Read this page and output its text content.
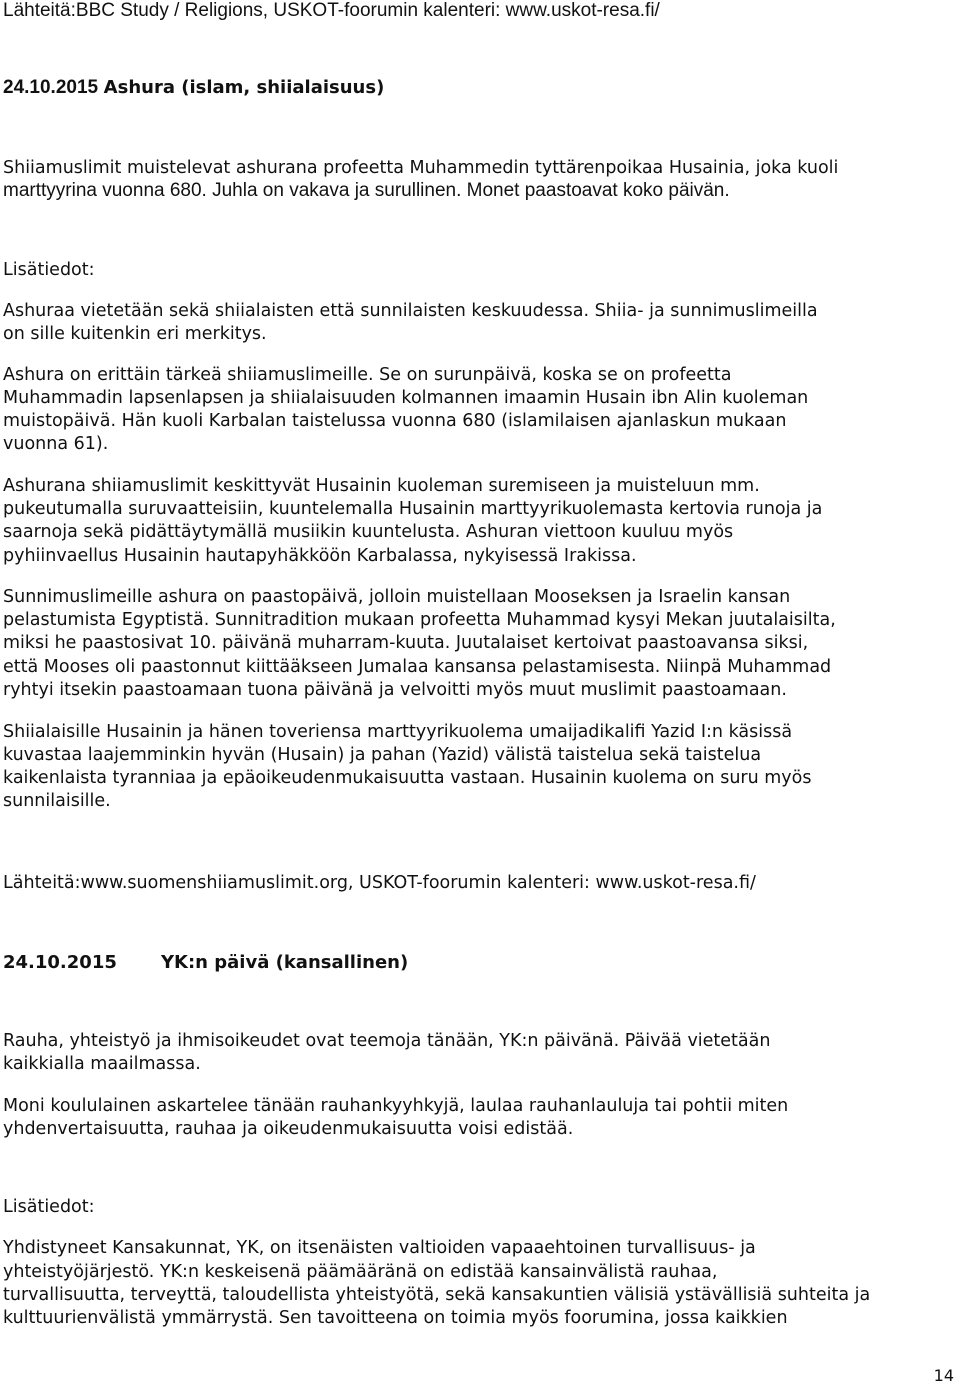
Lähteitä:BBC Study / Religions, USKOT-foorumin kalenteri: www.uskot-resa.fi/
24.10.2015 Ashura (islam, shiialaisuus)
Shiiamuslimit muistelevat ashurana profeetta Muhammedin tyttärenpoikaa Husainia, joka kuoli
marttyyrina vuonna 680. Juhla on vakava ja surullinen. Monet paastoavat koko päivän.
Lisätiedot:
Ashuraa vietetään sekä shiialaisten että sunnilaisten keskuudessa. Shiia- ja sunnimuslimeilla
on sille kuitenkin eri merkitys.
Ashura on erittäin tärkeä shiiamuslimeille. Se on surunpäivä, koska se on profeetta
Muhammadin lapsenlapsen ja shiialaisuuden kolmannen imaamin Husain ibn Alin kuoleman
muistopäivä. Hän kuoli Karbalan taistelussa vuonna 680 (islamilaisen ajanlaskun mukaan
vuonna 61).
Ashurana shiiamuslimit keskittyvät Husainin kuoleman suremiseen ja muisteluun mm.
pukeutumalla suruvaatteisiin, kuuntelemalla Husainin marttyyrikuolemasta kertovia runoja ja
saarnoja sekä pidättäytymällä musiikin kuuntelusta. Ashuran viettoon kuuluu myös
pyhiinvaellus Husainin hautapyhäkköön Karbalassa, nykyisessä Irakissa.
Sunnimuslimeille ashura on paastopäivä, jolloin muistellaan Mooseksen ja Israelin kansan
pelastumista Egyptistä. Sunnitradition mukaan profeetta Muhammad kysyi Mekan juutalaisilta,
miksi he paastosivat 10. päivänä muharram-kuuta. Juutalaiset kertoivat paastoavansa siksi,
että Mooses oli paastonnut kiittääkseen Jumalaa kansansa pelastamisesta. Niinpä Muhammad
ryhtyi itsekin paastoamaan tuona päivänä ja velvoitti myös muut muslimit paastoamaan.
Shiialaisille Husainin ja hänen toveriensa marttyyrikuolema umaijadikalifi Yazid I:n käsissä
kuvastaa laajemminkin hyvän (Husain) ja pahan (Yazid) välistä taistelua sekä taistelua
kaikenlaista tyranniaa ja epäoikeudenmukaisuutta vastaan. Husainin kuolema on suru myös
sunnilaisille.
Lähteitä:www.suomenshiiamuslimit.org, USKOT-foorumin kalenteri: www.uskot-resa.fi/
24.10.2015 YK:n päivä (kansallinen)
Rauha, yhteistyö ja ihmisoikeudet ovat teemoja tänään, YK:n päivänä. Päivää vietetään
kaikkialla maailmassa.
Moni koululainen askartelee tänään rauhankyyhkyjä, laulaa rauhanlauluja tai pohtii miten
yhdenvertaisuutta, rauhaa ja oikeudenmukaisuutta voisi edistää.
Lisätiedot:
Yhdistyneet Kansakunnat, YK, on itsenäisten valtioiden vapaaehtoinen turvallisuus- ja
yhteistyöjärjestö. YK:n keskeisenä päämääränä on edistää kansainvälistä rauhaa,
turvallisuutta, terveyttä, taloudellista yhteistyötä, sekä kansakuntien välisiä ystävällisiä suhteita ja
kulttuurienvälistä ymmärrystä. Sen tavoitteena on toimia myös foorumina, jossa kaikkien
14
